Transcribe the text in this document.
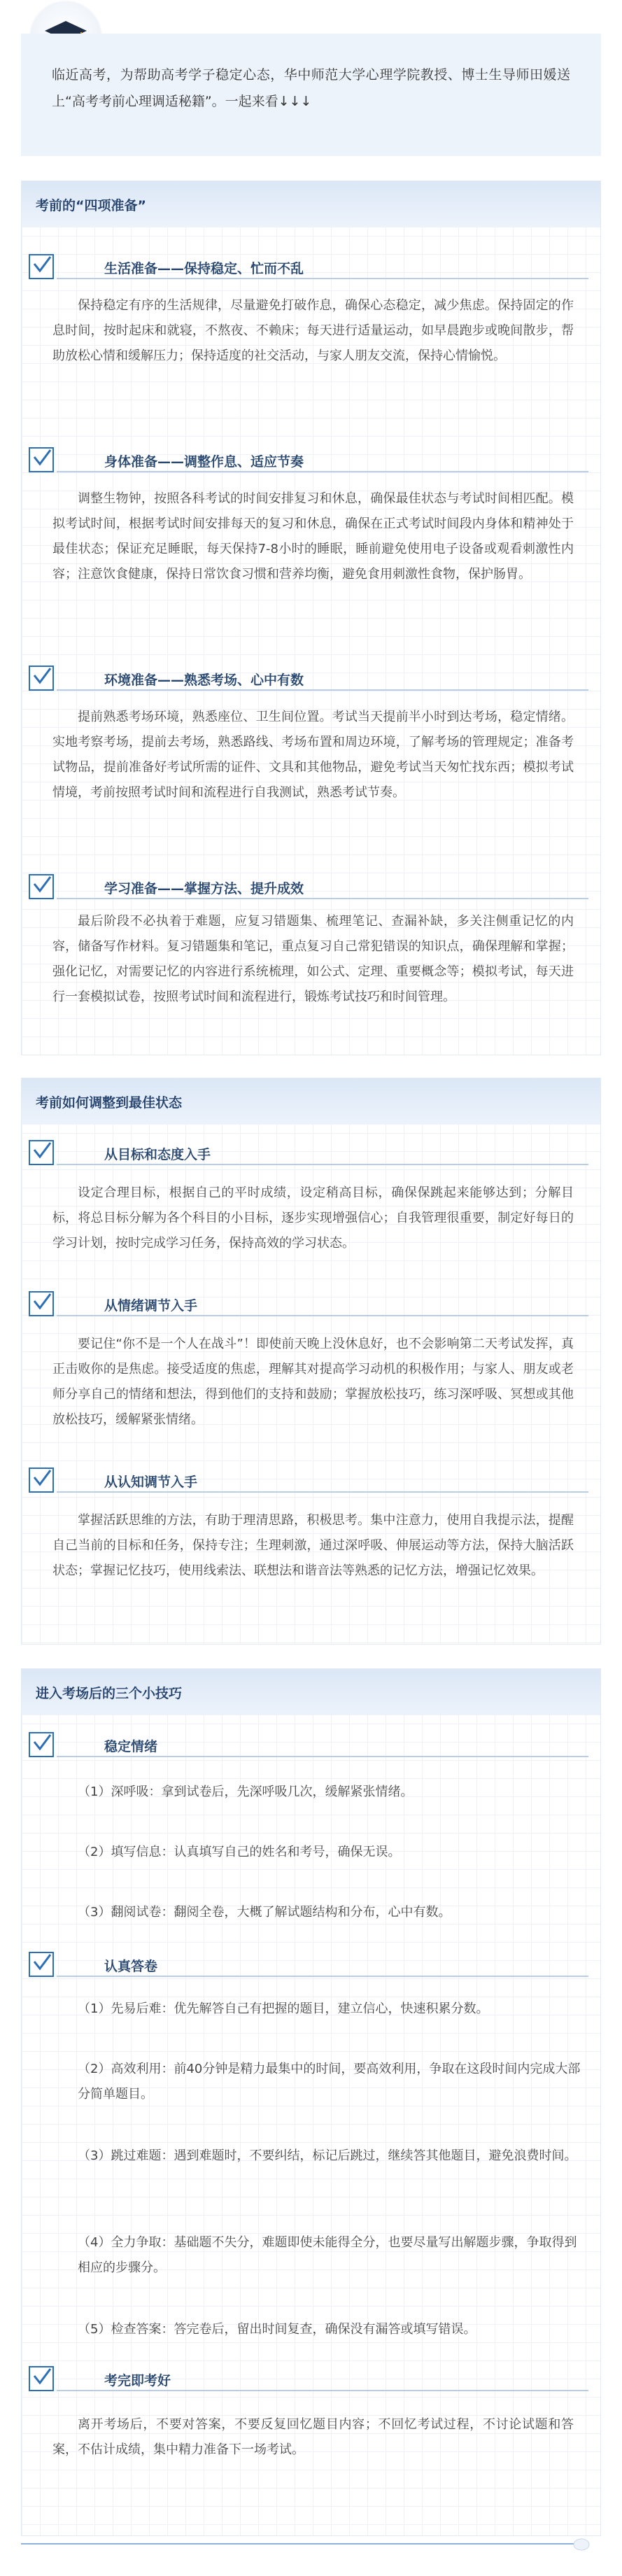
临近高考，为帮助高考学子稳定心态，华中师范大学心理学院教授、博士生导师田媛送上“高考考前心理调适秘籍”。一起来看↓↓↓
考前的“四项准备”
生活准备——保持稳定、忙而不乱

保持稳定有序的生活规律，尽量避免打破作息，确保心态稳定，减少焦虑。保持固定的作息时间，按时起床和就寝，不熬夜、不赖床；每天进行适量运动，如早晨跑步或晚间散步，帮助放松心情和缓解压力；保持适度的社交活动，与家人朋友交流，保持心情愉悦。

身体准备——调整作息、适应节奏

调整生物钟，按照各科考试的时间安排复习和休息，确保最佳状态与考试时间相匹配。模拟考试时间，根据考试时间安排每天的复习和休息，确保在正式考试时间段内身体和精神处于最佳状态；保证充足睡眠，每天保持7-8小时的睡眠，睡前避免使用电子设备或观看刺激性内容；注意饮食健康，保持日常饮食习惯和营养均衡，避免食用刺激性食物，保护肠胃。

环境准备——熟悉考场、心中有数

提前熟悉考场环境，熟悉座位、卫生间位置。考试当天提前半小时到达考场，稳定情绪。实地考察考场，提前去考场，熟悉路线、考场布置和周边环境，了解考场的管理规定；准备考试物品，提前准备好考试所需的证件、文具和其他物品，避免考试当天匆忙找东西；模拟考试情境，考前按照考试时间和流程进行自我测试，熟悉考试节奏。

学习准备——掌握方法、提升成效

最后阶段不必执着于难题，应复习错题集、梳理笔记、查漏补缺，多关注侧重记忆的内容，储备写作材料。复习错题集和笔记，重点复习自己常犯错误的知识点，确保理解和掌握；强化记忆，对需要记忆的内容进行系统梳理，如公式、定理、重要概念等；模拟考试，每天进行一套模拟试卷，按照考试时间和流程进行，锻炼考试技巧和时间管理。

考前如何调整到最佳状态
从目标和态度入手

设定合理目标，根据自己的平时成绩，设定稍高目标，确保保跳起来能够达到；分解目标，将总目标分解为各个科目的小目标，逐步实现增强信心；自我管理很重要，制定好每日的学习计划，按时完成学习任务，保持高效的学习状态。

从情绪调节入手

要记住“你不是一个人在战斗”！即使前天晚上没休息好，也不会影响第二天考试发挥，真正击败你的是焦虑。接受适度的焦虑，理解其对提高学习动机的积极作用；与家人、朋友或老师分享自己的情绪和想法，得到他们的支持和鼓励；掌握放松技巧，练习深呼吸、冥想或其他放松技巧，缓解紧张情绪。

从认知调节入手

掌握活跃思维的方法，有助于理清思路，积极思考。集中注意力，使用自我提示法，提醒自己当前的目标和任务，保持专注；生理刺激，通过深呼吸、伸展运动等方法，保持大脑活跃状态；掌握记忆技巧，使用线索法、联想法和谐音法等熟悉的记忆方法，增强记忆效果。

进入考场后的三个小技巧
稳定情绪

（1）深呼吸：拿到试卷后，先深呼吸几次，缓解紧张情绪。

（2）填写信息：认真填写自己的姓名和考号，确保无误。

（3）翻阅试卷：翻阅全卷，大概了解试题结构和分布，心中有数。

认真答卷

（1）先易后难：优先解答自己有把握的题目，建立信心，快速积累分数。

（2）高效利用：前40分钟是精力最集中的时间，要高效利用，争取在这段时间内完成大部分简单题目。

（3）跳过难题：遇到难题时，不要纠结，标记后跳过，继续答其他题目，避免浪费时间。

（4）全力争取：基础题不失分，难题即使未能得全分，也要尽量写出解题步骤，争取得到相应的步骤分。

（5）检查答案：答完卷后，留出时间复查，确保没有漏答或填写错误。

考完即考好

离开考场后，不要对答案，不要反复回忆题目内容；不回忆考试过程，不讨论试题和答案，不估计成绩，集中精力准备下一场考试。
